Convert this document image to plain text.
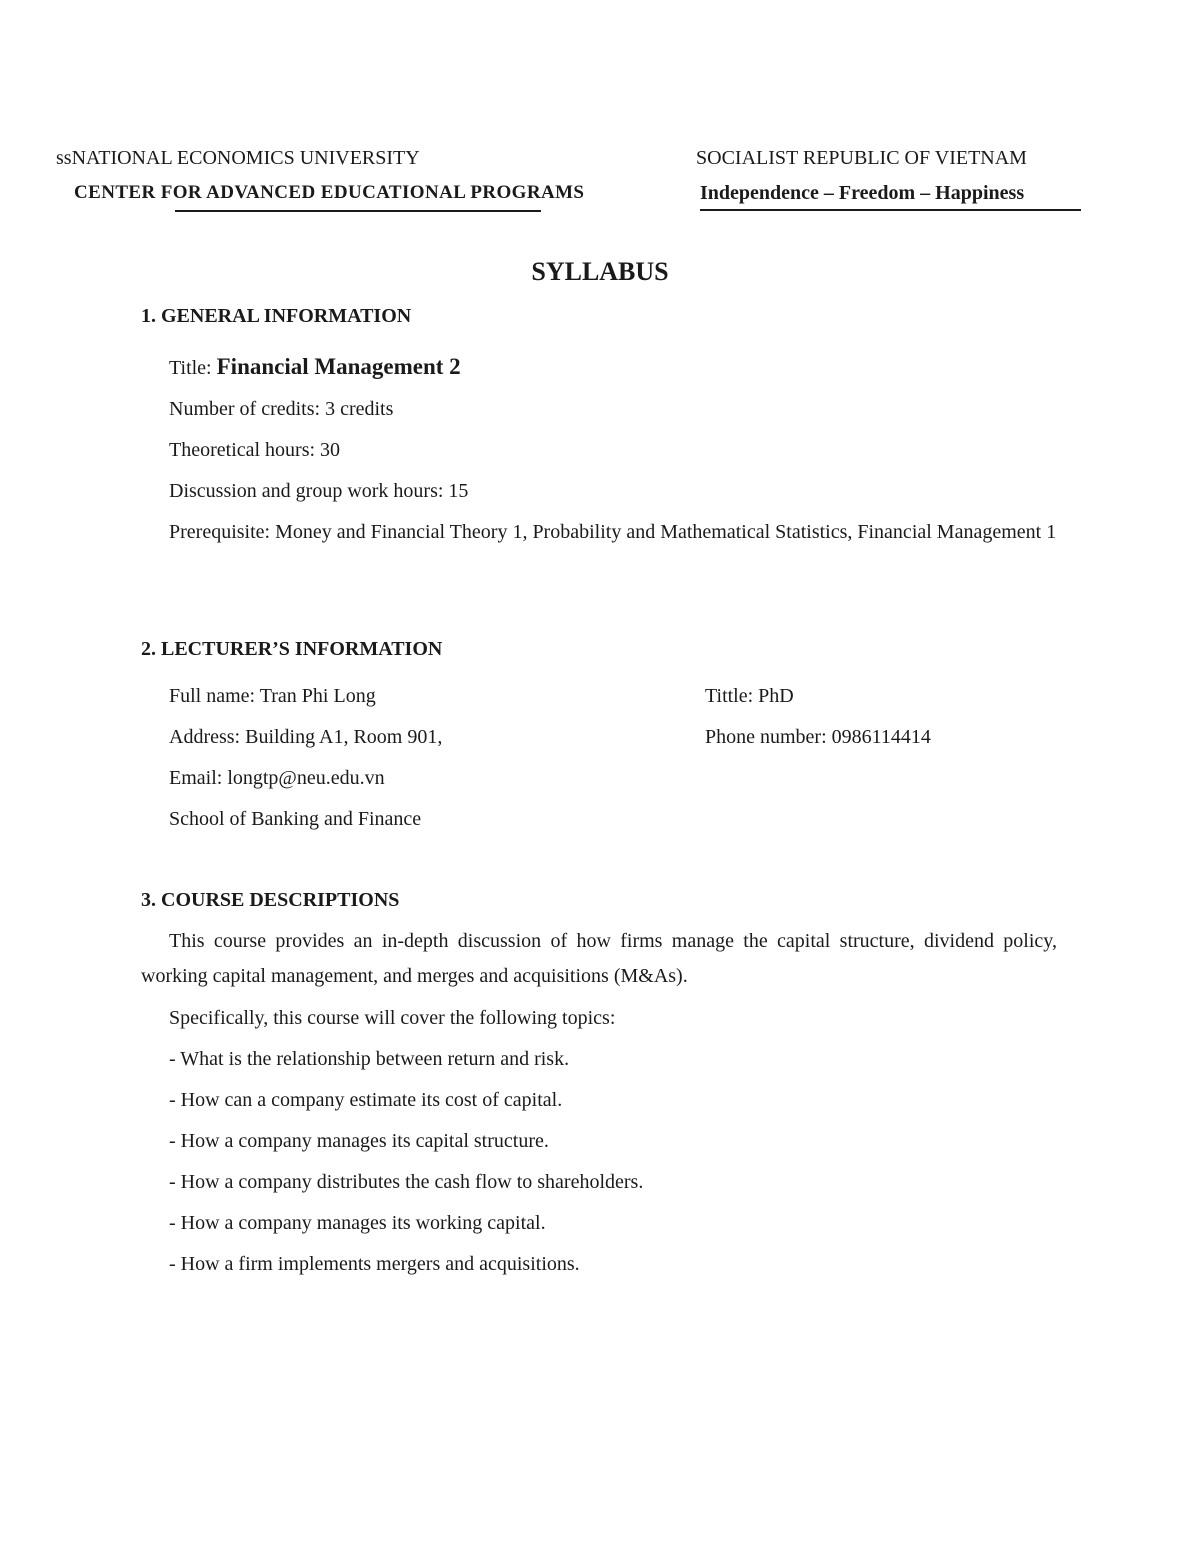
ssNATIONAL ECONOMICS UNIVERSITY
CENTER FOR ADVANCED EDUCATIONAL PROGRAMS
SOCIALIST REPUBLIC OF VIETNAM
Independence – Freedom – Happiness
SYLLABUS
1. GENERAL INFORMATION
Title: Financial Management 2
Number of credits: 3 credits
Theoretical hours: 30
Discussion and group work hours: 15
Prerequisite: Money and Financial Theory 1, Probability and Mathematical Statistics, Financial Management 1
2. LECTURER’S INFORMATION
Full name: Tran Phi Long	Tittle: PhD
Address: Building A1, Room 901,	Phone number: 0986114414
Email: longtp@neu.edu.vn
School of Banking and Finance
3. COURSE DESCRIPTIONS
This course provides an in-depth discussion of how firms manage the capital structure, dividend policy, working capital management, and merges and acquisitions (M&As).
Specifically, this course will cover the following topics:
- What is the relationship between return and risk.
- How can a company estimate its cost of capital.
- How a company manages its capital structure.
- How a company distributes the cash flow to shareholders.
- How a company manages its working capital.
- How a firm implements mergers and acquisitions.
